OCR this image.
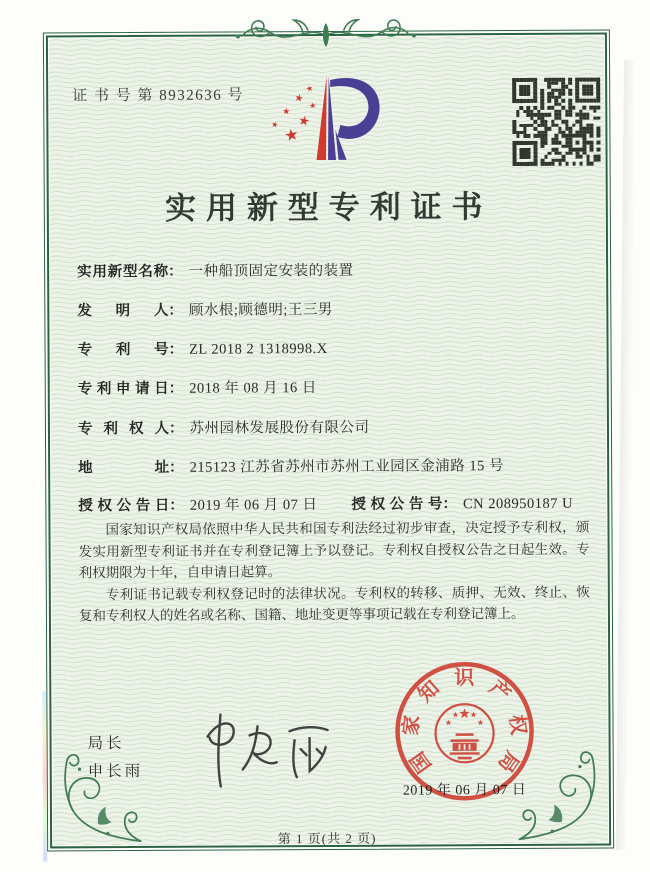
证 书 号 第 8932636 号	★
★
★
★
★
★ ★
实用新型专利证书
实用新型名称： 一种船顶固定安装的装置
发明人： 顾水根;顾德明;王三男
专利号： ZL 2018 2 1318998.X
专利申请日： 2018 年 08 月 16 日
专利权人： 苏州园林发展股份有限公司
地址： 215123 江苏省苏州市苏州工业园区金浦路 15 号
授权公告日： 2019 年 06 月 07 日 授权公告号： CN 208950187 U

国家知识产权局依照中华人民共和国专利法经过初步审查，决定授予专利权，颁发实用新型专利证书并在专利登记簿上予以登记。专利权自授权公告之日起生效。专利权期限为十年，自申请日起算。

专利证书记载专利权登记时的法律状况。专利权的转移、质押、无效、终止、恢复和专利权人的姓名或名称、国籍、地址变更等事项记载在专利登记簿上。

局长
申长雨	国
家
知 识 产
权
局
★
★
★ ★
★
2019 年 06 月 07 日
第 1 页(共 2 页)
